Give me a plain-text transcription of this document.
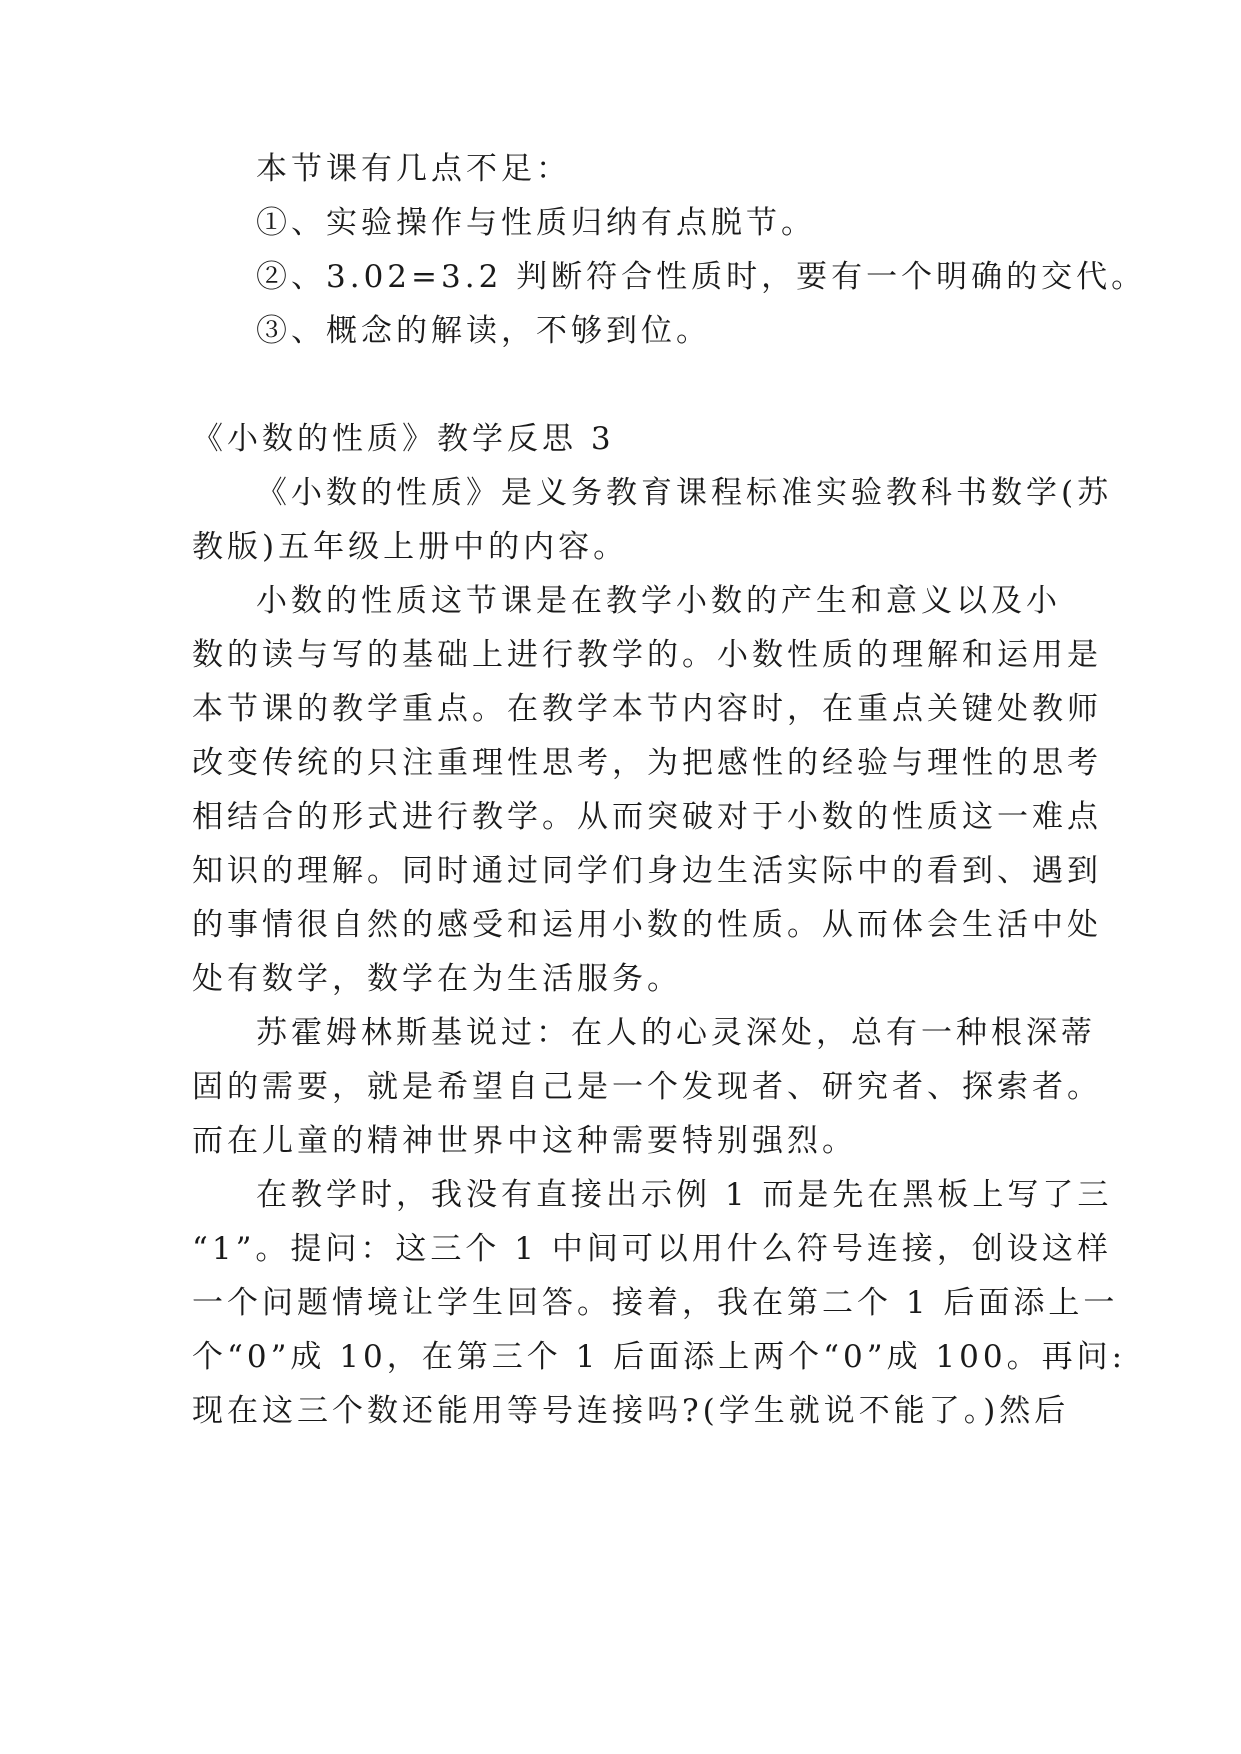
本节课有几点不足：
①、实验操作与性质归纳有点脱节。
②、3.02=3.2 判断符合性质时，要有一个明确的交代。
③、概念的解读，不够到位。
《小数的性质》教学反思 3
《小数的性质》是义务教育课程标准实验教科书数学(苏
教版)五年级上册中的内容。
小数的性质这节课是在教学小数的产生和意义以及小
数的读与写的基础上进行教学的。小数性质的理解和运用是
本节课的教学重点。在教学本节内容时，在重点关键处教师
改变传统的只注重理性思考，为把感性的经验与理性的思考
相结合的形式进行教学。从而突破对于小数的性质这一难点
知识的理解。同时通过同学们身边生活实际中的看到、遇到
的事情很自然的感受和运用小数的性质。从而体会生活中处
处有数学，数学在为生活服务。
苏霍姆林斯基说过：在人的心灵深处，总有一种根深蒂
固的需要，就是希望自己是一个发现者、研究者、探索者。
而在儿童的精神世界中这种需要特别强烈。
在教学时，我没有直接出示例 1 而是先在黑板上写了三
“1”。提问：这三个 1 中间可以用什么符号连接，创设这样
一个问题情境让学生回答。接着，我在第二个 1 后面添上一
个“0”成 10，在第三个 1 后面添上两个“0”成 100。再问:
现在这三个数还能用等号连接吗?(学生就说不能了。)然后
